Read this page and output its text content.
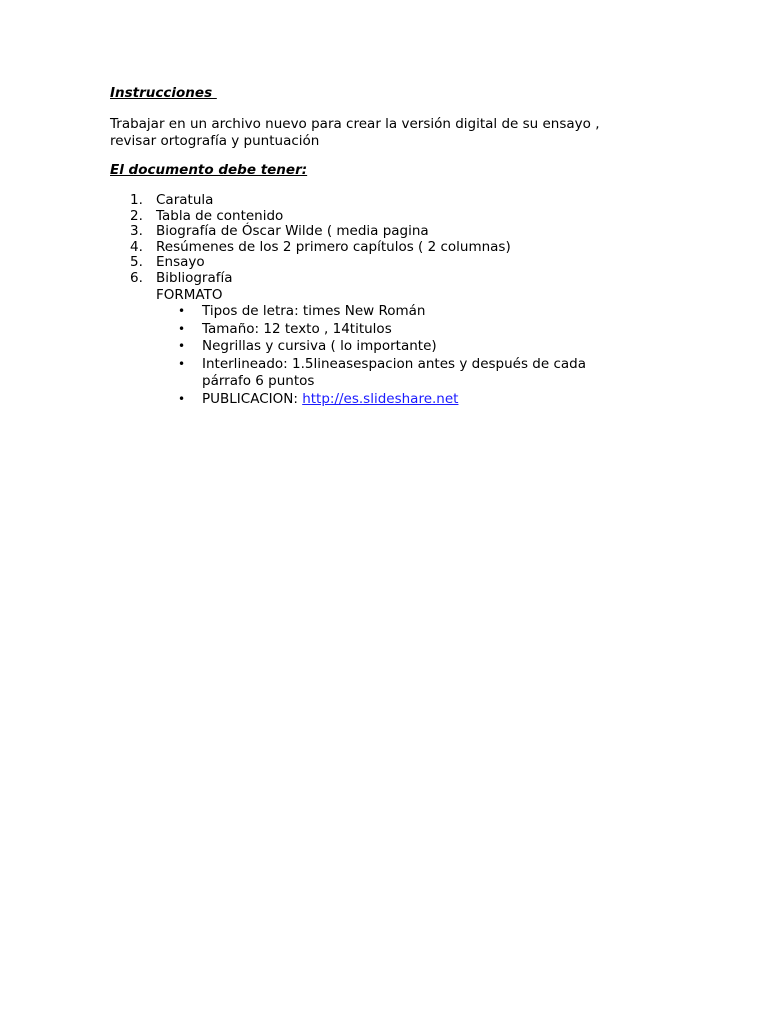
Instrucciones
Trabajar en un archivo nuevo para crear la versión digital de su ensayo ,
revisar ortografía y puntuación
El documento debe tener:
1. Caratula
2. Tabla de contenido
3. Biografía de Óscar Wilde ( media pagina
4. Resúmenes de los 2 primero capítulos ( 2 columnas)
5. Ensayo
6. Bibliografía
FORMATO
• Tipos de letra: times New Román
• Tamaño: 12 texto , 14titulos
• Negrillas y cursiva ( lo importante)
• Interlineado: 1.5lineasespacion antes y después de cada párrafo 6 puntos
• PUBLICACION: http://es.slideshare.net
